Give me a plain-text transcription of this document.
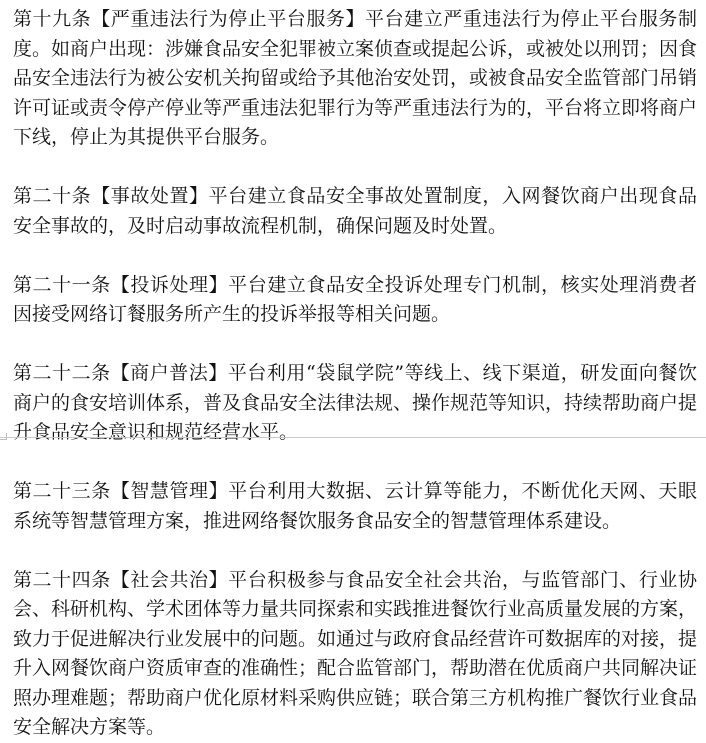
第十九条【严重违法行为停止平台服务】平台建立严重违法行为停止平台服务制度。如商户出现：涉嫌食品安全犯罪被立案侦查或提起公诉，或被处以刑罚；因食品安全违法行为被公安机关拘留或给予其他治安处罚，或被食品安全监管部门吊销许可证或责令停产停业等严重违法犯罪行为等严重违法行为的，平台将立即将商户下线，停止为其提供平台服务。

第二十条【事故处置】平台建立食品安全事故处置制度，入网餐饮商户出现食品安全事故的，及时启动事故流程机制，确保问题及时处置。

第二十一条【投诉处理】平台建立食品安全投诉处理专门机制，核实处理消费者因接受网络订餐服务所产生的投诉举报等相关问题。

第二十二条【商户普法】平台利用“袋鼠学院”等线上、线下渠道，研发面向餐饮商户的食安培训体系，普及食品安全法律法规、操作规范等知识，持续帮助商户提升食品安全意识和规范经营水平。

第二十三条【智慧管理】平台利用大数据、云计算等能力，不断优化天网、天眼系统等智慧管理方案，推进网络餐饮服务食品安全的智慧管理体系建设。

第二十四条【社会共治】平台积极参与食品安全社会共治，与监管部门、行业协会、科研机构、学术团体等力量共同探索和实践推进餐饮行业高质量发展的方案，致力于促进解决行业发展中的问题。如通过与政府食品经营许可数据库的对接，提升入网餐饮商户资质审查的准确性；配合监管部门，帮助潜在优质商户共同解决证照办理难题；帮助商户优化原材料采购供应链；联合第三方机构推广餐饮行业食品安全解决方案等。
